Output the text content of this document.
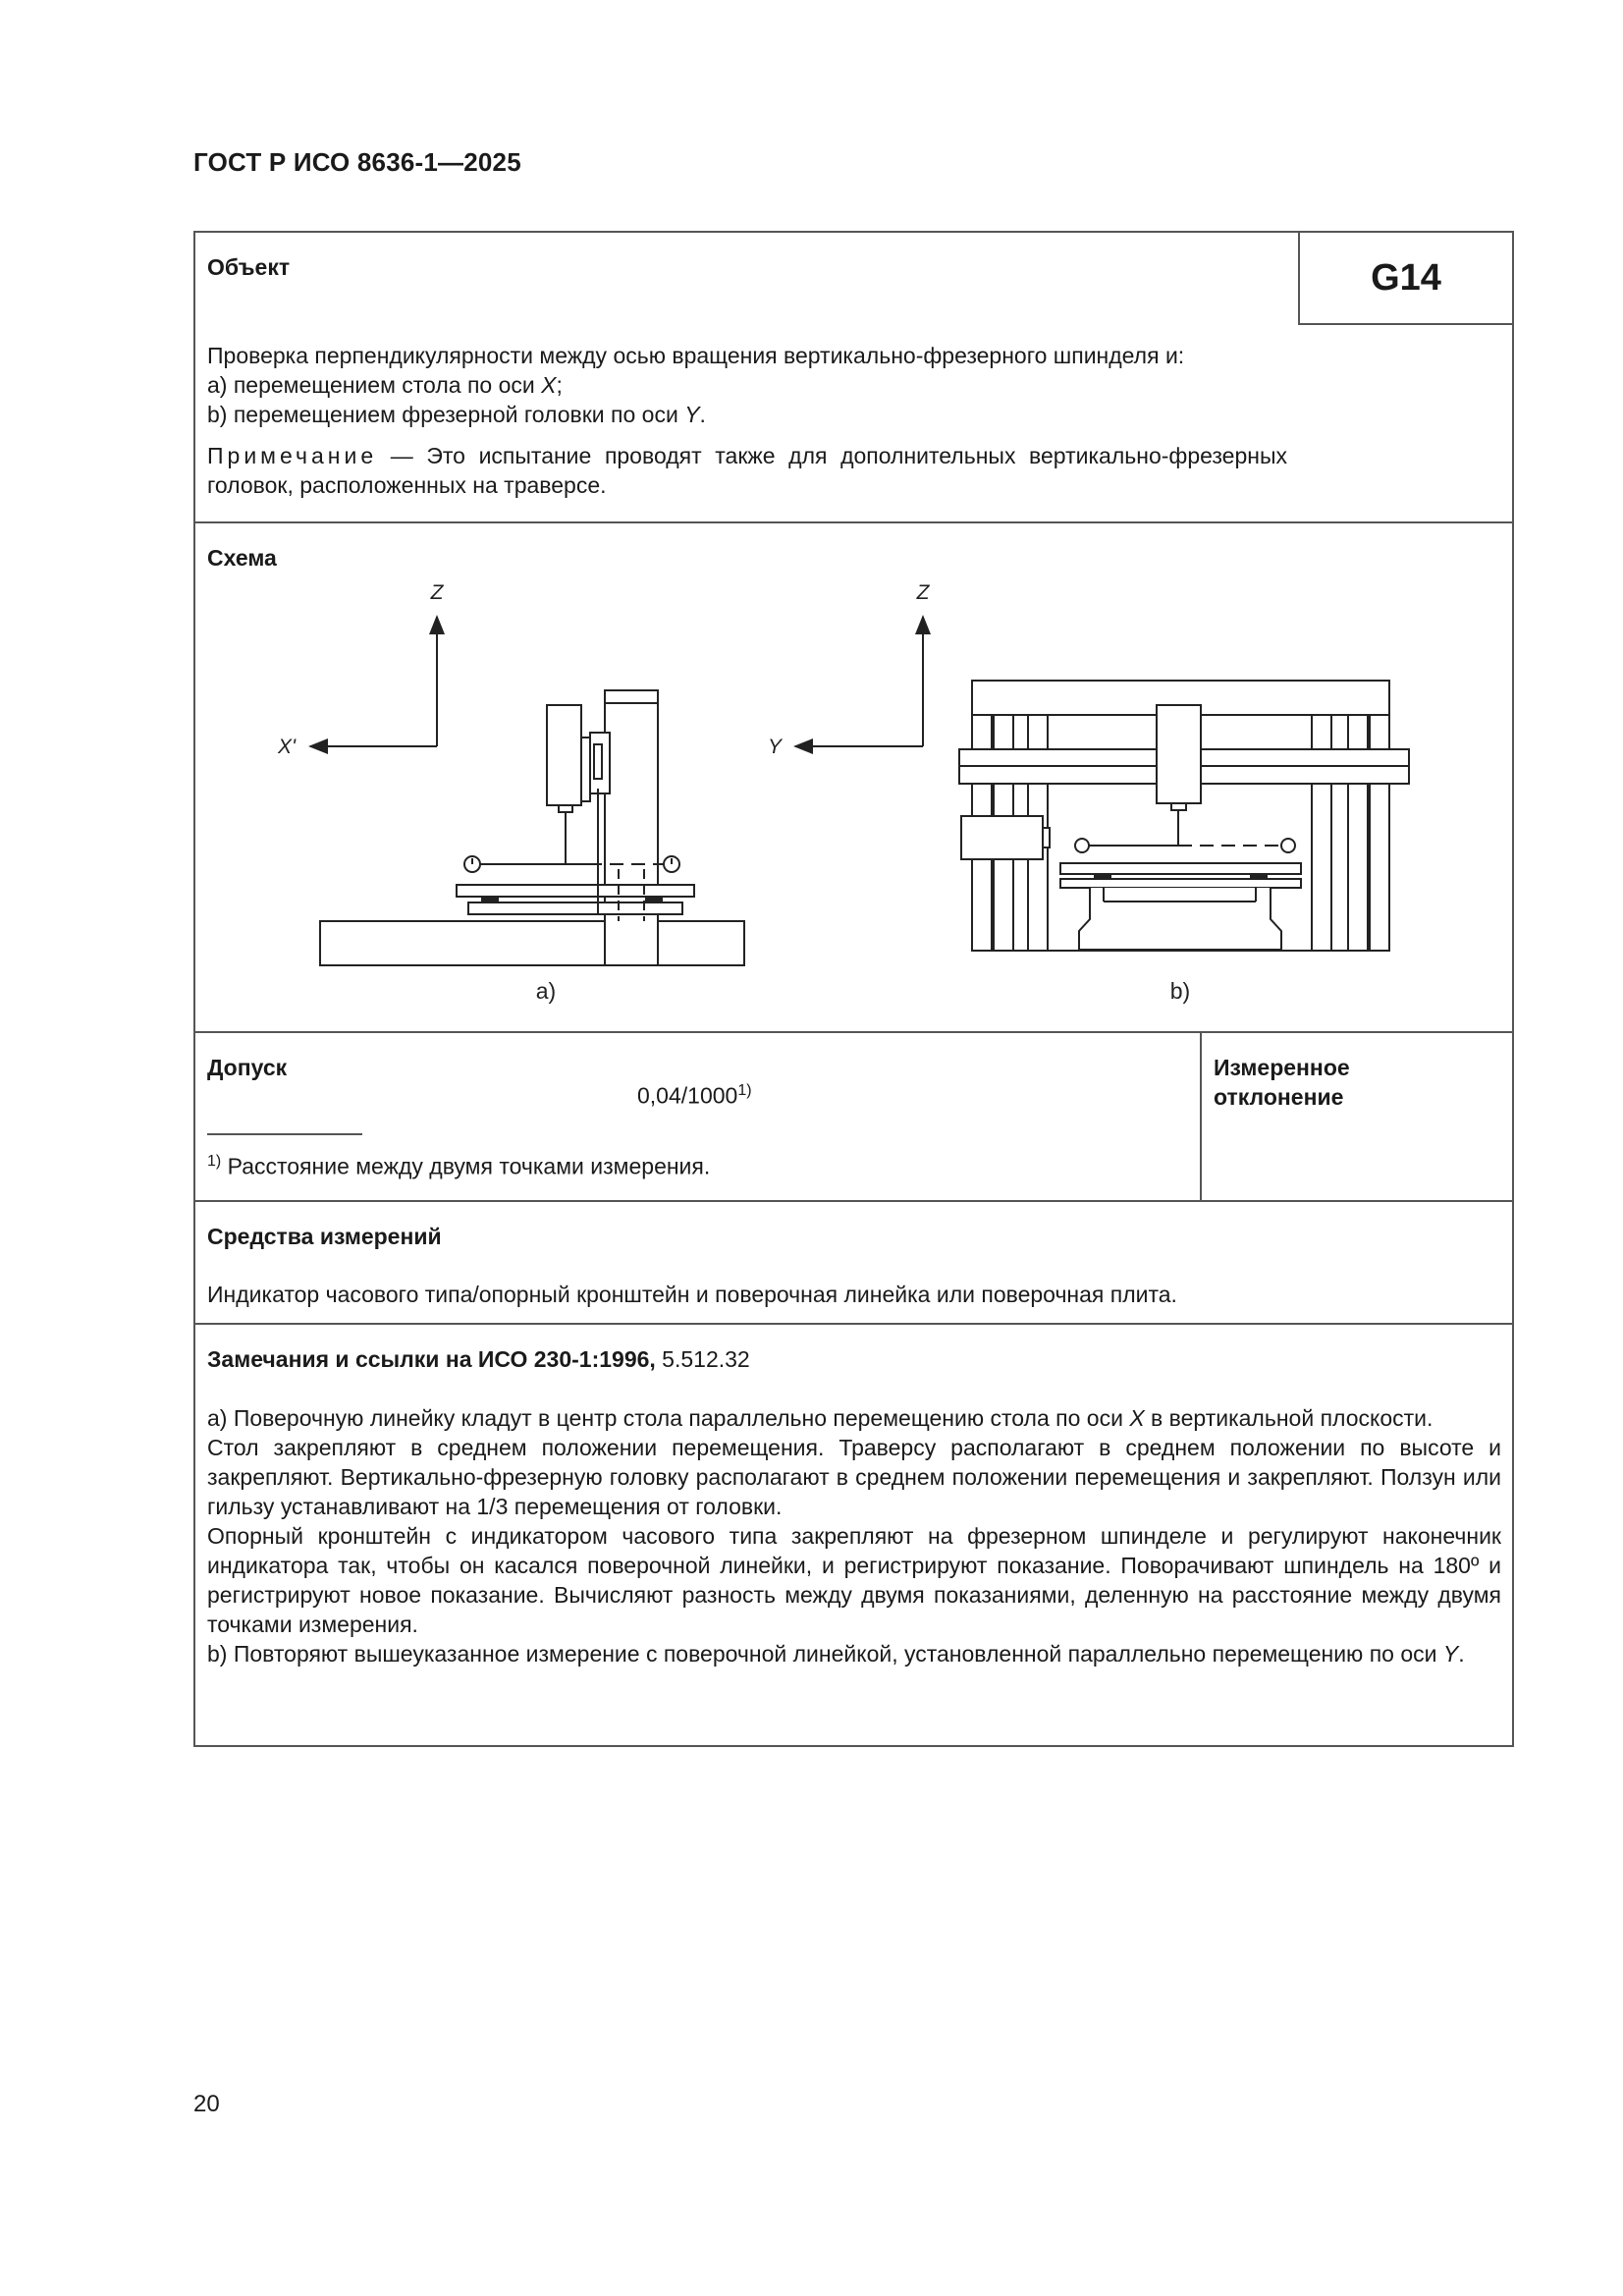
ГОСТ Р ИСО 8636-1—2025
Объект	G14

Проверка перпендикулярности между осью вращения вертикально-фрезерного шпинделя и:

a) перемещением стола по оси X;

b) перемещением фрезерной головки по оси Y.

Примечание — Это испытание проводят также для дополнительных вертикально-фрезерных головок, расположенных на траверсе.

Схема
Z
X'
a)
Z
Y
b)
Допуск
0,04/1000$^{1)}$
$^{1)}$ Расстояние между двумя точками измерения.
Измеренное
отклонение
Средства измерений
Индикатор часового типа/опорный кронштейн и поверочная линейка или поверочная плита.
Замечания и ссылки на ИСО 230-1:1996, 5.512.32

a) Поверочную линейку кладут в центр стола параллельно перемещению стола по оси X в вертикальной плоскости.

Стол закрепляют в среднем положении перемещения. Траверсу располагают в среднем положении по высоте и закрепляют. Вертикально-фрезерную головку располагают в среднем положении перемещения и закрепляют. Ползун или гильзу устанавливают на 1/3 перемещения от головки.

Опорный кронштейн с индикатором часового типа закрепляют на фрезерном шпинделе и регулируют наконечник индикатора так, чтобы он касался поверочной линейки, и регистрируют показание. Поворачивают шпиндель на 180º и регистрируют новое показание. Вычисляют разность между двумя показаниями, деленную на расстояние между двумя точками измерения.

b) Повторяют вышеуказанное измерение с поверочной линейкой, установленной параллельно перемещению по оси Y.

20
